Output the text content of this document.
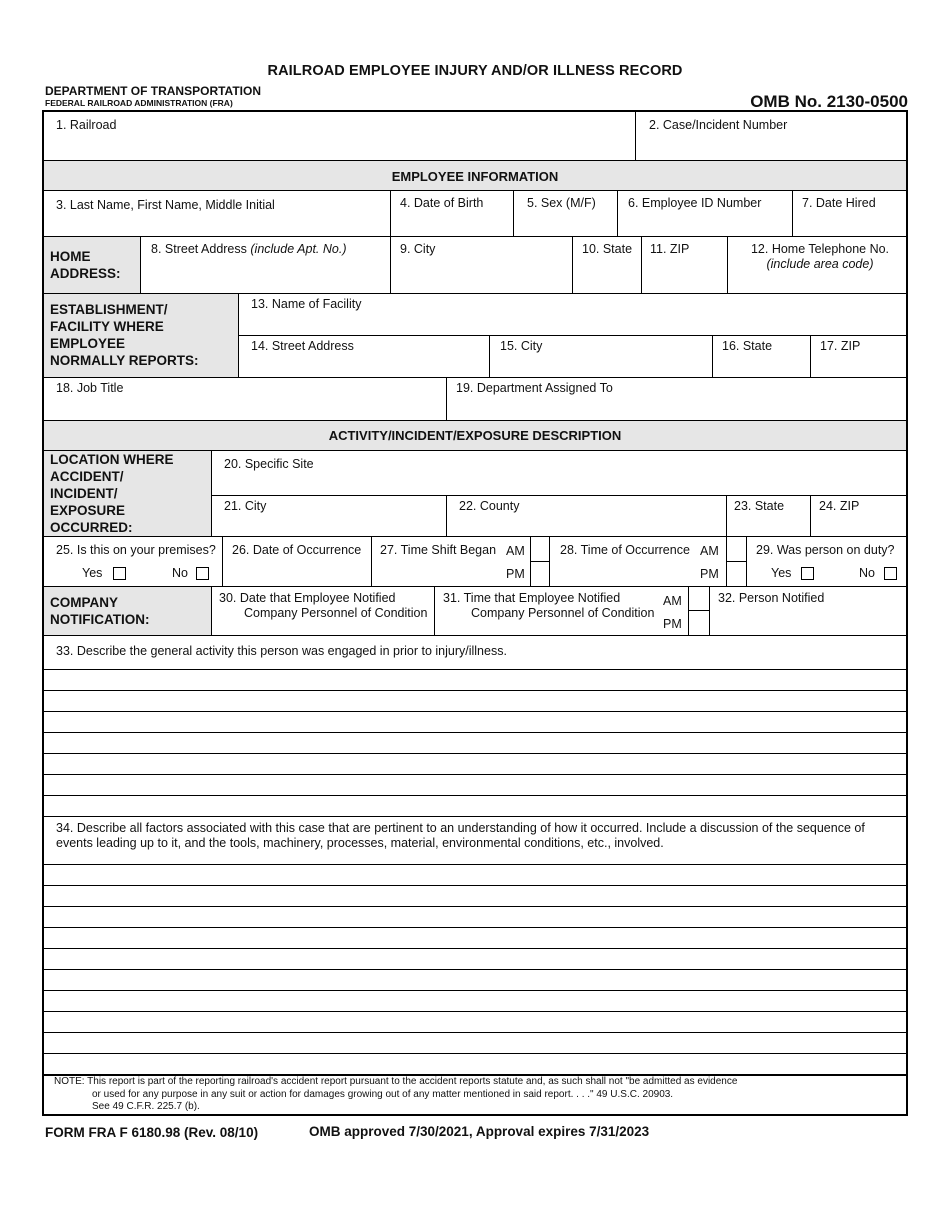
RAILROAD EMPLOYEE INJURY AND/OR ILLNESS RECORD
DEPARTMENT OF TRANSPORTATION
FEDERAL RAILROAD ADMINISTRATION (FRA)	OMB No. 2130-0500
1. Railroad	2. Case/Incident Number
EMPLOYEE INFORMATION
3. Last Name, First Name, Middle Initial	4. Date of Birth	5. Sex (M/F)	6. Employee ID Number	7. Date Hired
HOME
ADDRESS:
8. Street Address (include Apt. No.)	9. City	10. State 11. ZIP	12. Home Telephone No.
(include area code)
ESTABLISHMENT/
FACILITY WHERE
EMPLOYEE
NORMALLY REPORTS:
13. Name of Facility
14. Street Address	15. City	16. State	17. ZIP
18. Job Title	19. Department Assigned To
ACTIVITY/INCIDENT/EXPOSURE DESCRIPTION
LOCATION WHERE
ACCIDENT/
INCIDENT/
EXPOSURE
OCCURRED:
20. Specific Site
21. City	22. County	23. State	24. ZIP
25. Is this on your premises?
Yes	No
26. Date of Occurrence 27. Time Shift Began AM
PM
28. Time of Occurrence AM
PM
29. Was person on duty?
Yes	No
COMPANY
NOTIFICATION:
30. Date that Employee Notified
Company Personnel of Condition
31. Time that Employee Notified
Company Personnel of Condition
AM
PM
32. Person Notified
33. Describe the general activity this person was engaged in prior to injury/illness.
34. Describe all factors associated with this case that are pertinent to an understanding of how it occurred. Include a discussion of the sequence of
events leading up to it, and the tools, machinery, processes, material, environmental conditions, etc., involved.
NOTE: This report is part of the reporting railroad's accident report pursuant to the accident reports statute and, as such shall not "be admitted as evidence
or used for any purpose in any suit or action for damages growing out of any matter mentioned in said report. . . ." 49 U.S.C. 20903.
See 49 C.F.R. 225.7 (b).
FORM FRA F 6180.98 (Rev. 08/10)	OMB approved 7/30/2021, Approval expires 7/31/2023
